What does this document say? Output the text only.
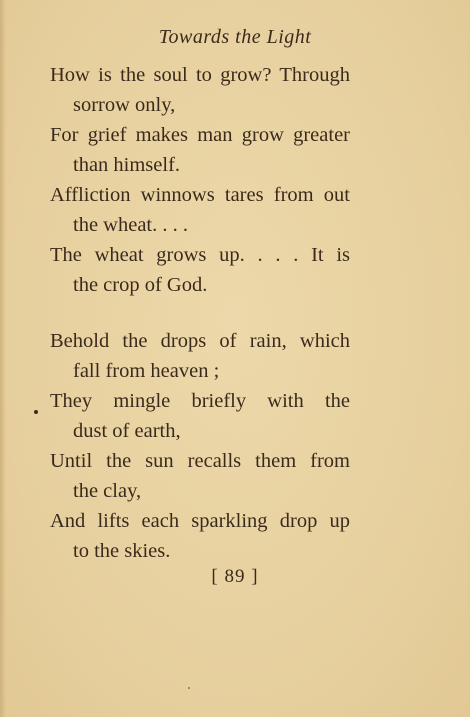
Towards the Light
How is the soul to grow? Through
sorrow only,
For grief makes man grow greater
than himself.
Affliction winnows tares from out
the wheat. . . .
The wheat grows up. . . . It is
the crop of God.
Behold the drops of rain, which
fall from heaven ;
They mingle briefly with the
dust of earth,
Until the sun recalls them from
the clay,
And lifts each sparkling drop up
to the skies.
[ 89 ]
